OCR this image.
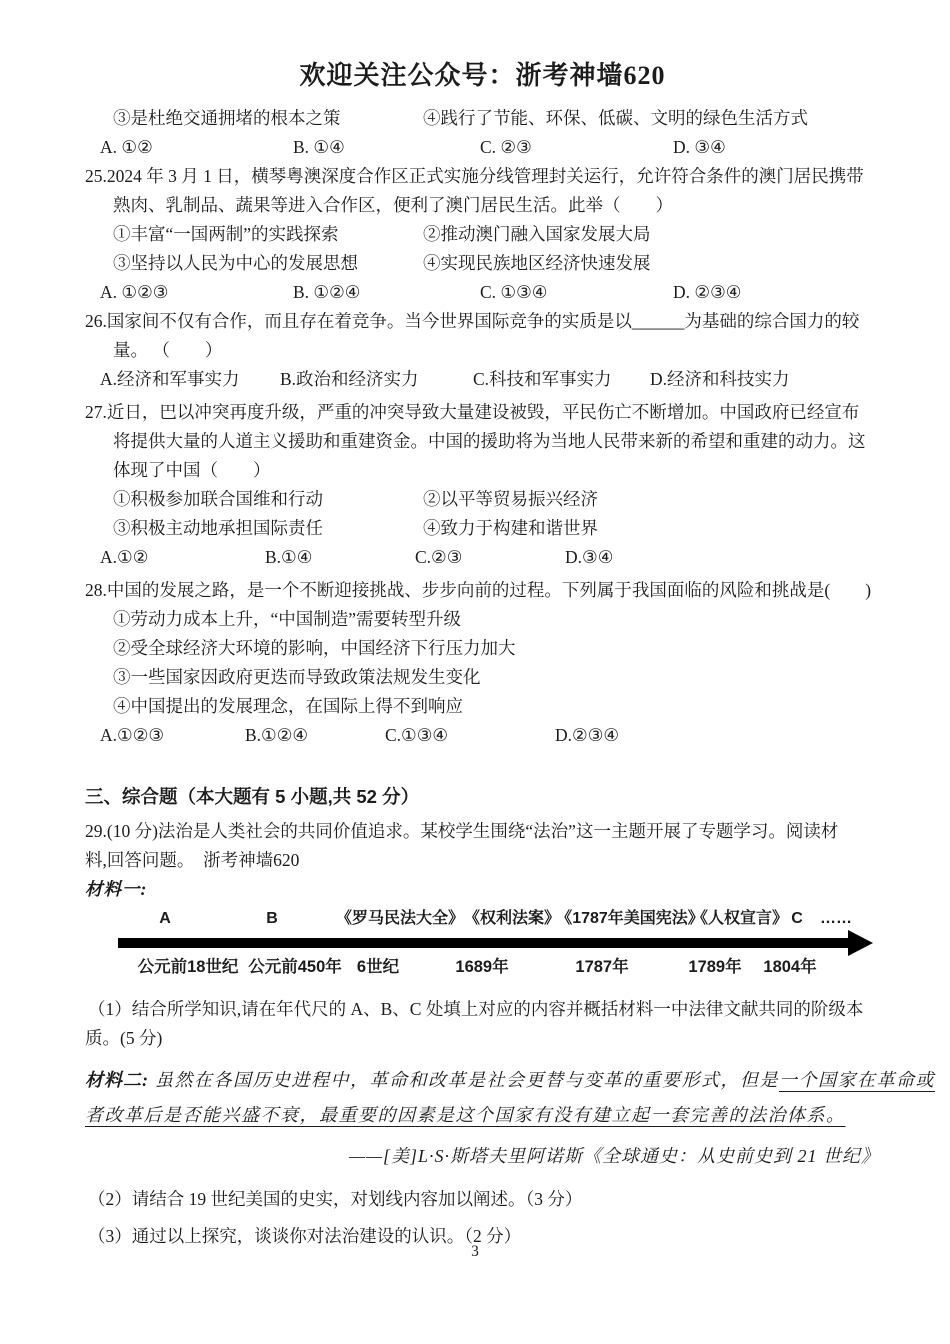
欢迎关注公众号：浙考神墙620
③是杜绝交通拥堵的根本之策	④践行了节能、环保、低碳、文明的绿色生活方式
A. ①②	B. ①④	C. ②③	D. ③④
25.2024 年 3 月 1 日，横琴粤澳深度合作区正式实施分线管理封关运行，允许符合条件的澳门居民携带
熟肉、乳制品、蔬果等进入合作区，便利了澳门居民生活。此举（　　）
①丰富“一国两制”的实践探索	②推动澳门融入国家发展大局
③坚持以人民为中心的发展思想	④实现民族地区经济快速发展
A. ①②③	B. ①②④	C. ①③④	D. ②③④
26.国家间不仅有合作，而且存在着竞争。当今世界国际竞争的实质是以______为基础的综合国力的较
量。 （　　）
A.经济和军事实力	B.政治和经济实力	C.科技和军事实力	D.经济和科技实力
27.近日，巴以冲突再度升级，严重的冲突导致大量建设被毁，平民伤亡不断增加。中国政府已经宣布
将提供大量的人道主义援助和重建资金。中国的援助将为当地人民带来新的希望和重建的动力。这
体现了中国（　　）
①积极参加联合国维和行动	②以平等贸易振兴经济
③积极主动地承担国际责任	④致力于构建和谐世界
A.①②	B.①④	C.②③	D.③④
28.中国的发展之路，是一个不断迎接挑战、步步向前的过程。下列属于我国面临的风险和挑战是(　　)
①劳动力成本上升，“中国制造”需要转型升级
②受全球经济大环境的影响，中国经济下行压力加大
③一些国家因政府更迭而导致政策法规发生变化
④中国提出的发展理念，在国际上得不到响应
A.①②③	B.①②④	C.①③④	D.②③④
三、综合题（本大题有 5 小题,共 52 分）
29.(10 分)法治是人类社会的共同价值追求。某校学生围绕“法治”这一主题开展了专题学习。阅读材
料,回答问题。　浙考神墙620
材料一:
A	B	《罗马民法大全》 《权利法案》
《1787年美国宪法》
《人权宣言》 C ……
公元前18世纪 公元前450年 6世纪	1689年	1787年	1789年 1804年
（1）结合所学知识,请在年代尺的 A、B、C 处填上对应的内容并概括材料一中法律文献共同的阶级本
质。(5 分)
材料二: 虽然在各国历史进程中，革命和改革是社会更替与变革的重要形式，但是一个国家在革命或
者改革后是否能兴盛不衰，最重要的因素是这个国家有没有建立起一套完善的法治体系。
——[美]L·S·斯塔夫里阿诺斯《全球通史：从史前史到 21 世纪》
（2）请结合 19 世纪美国的史实，对划线内容加以阐述。（3 分）
（3）通过以上探究，谈谈你对法治建设的认识。（2 分）
3
